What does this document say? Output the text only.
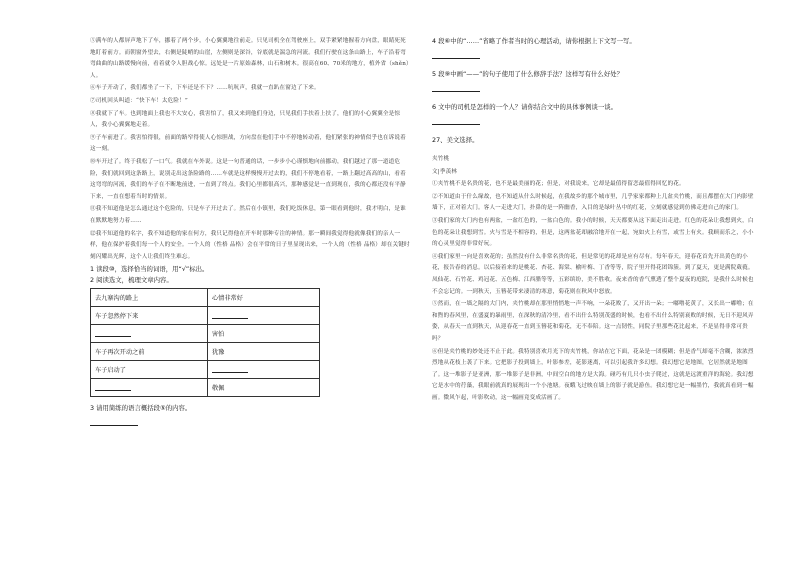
⑤满车的人都屏声地下了车，挪着了两个步，小心翼翼地往前走。只见司机全在驾驶座上，双手紧紧地握着方向盘，眼睛死死地盯着前方。而朝窗外望去，右侧是陡峭的山崖，左侧则是深谷，谷底就是湍急的河流。我们行驶在这条山路上，车子沿着弯弯曲曲的山路缓慢向前，看着就令人胆战心惊。远处是一片原始森林，山石和树木。很高在60、70米的地方，植外省（shěn）人。

⑥车子开动了，我们都坐了一下，下车还是不下？……吭吭声，我就一直趴在窗边了下来。

⑦司机回头叫道：“快下车！太危险！”

⑧我就下了车。也到地面上我也不大安心，我害怕了，我又来到他们身边，只见我们手扶着上扶了，他们的小心翼翼全是惊人，我小心翼翼地走着。

⑨子车前进了。我害怕得很，前面的路窄得使人心惊胆战，方向盘在他们手中不停地转动着，他们紧张的神情似乎也在诉说着这一刻。

⑩车开过了。终于我松了一口气。我就在车外说。这是一句普通的话，一步步小心谨慎地向前挪动，我们越过了那一道道危险，我们就回到这条路上，说别走出这条险路的……车就是这样慢慢开过去的，我们不停地看着，一路上翻过高高的山，看着这弯弯的河流，我们的车子在不断地前进，一直到了终点。我们心里都很高兴，那种感觉是一直到现在，我的心都还没有平静下来，一直在想着当时的情景。

⑪我不知道他是怎么通过这个危险的，只是车子开过去了。然后在小镇里，我们吃饭休息，第一眼看到他时，我才明白，是谁在默默地努力着……

⑫我不知道他的名字，我不知道他的家在何方，我只记得他在开车时那种专注的神情。那一瞬间我觉得他就像我们的亲人一样，他在保护着我们每一个人的安全。一个人的（性格 品格）会在平常的日子里显现出来，一个人的（性格 品格）却在关键时刻闪耀出光辉，这个人让我们终生难忘。

1 读段⑩，选择恰当的词语，用“√”标出。

2 阅读选文，梳理文章内容。

去九寨沟的路上	心情非常好
车子忽然停下来	
	害怕
车子再次开动之前	犹豫
车子启动了	
	敬佩

3 请用简练的语言概括段⑤的内容。

4 段⑥中的“……”省略了作者当时的心理活动，请你根据上下文写一写。

5 段⑨中画“——”的句子使用了什么修辞手法？这样写有什么好处？

6 文中的司机是怎样的一个人？请你结合文中的具体事例谈一谈。

27、美文选择。

夹竹桃

文|季羡林

①夹竹桃不是名贵的花，也不是最美丽的花；但是，对我说来，它却是最值得留恋最值得回忆的花。

②不知道由于什么缘故，也不知道从什么时候起，在我故乡的那个城市里，几乎家家都种上几盆夹竹桃，而且都摆在大门内影壁墙下，正对着大门。客人一走进大门，扑鼻的是一阵幽香，入目的是绿叶丛中的红花，立刻就感觉到仿佛走进自己的家门。

③我们家的大门内也有两盆，一盆红色的，一盆白色的。我小的时候，天天都要从这下面走出走进。红色的花朵让我想到火，白色的花朵让我想到雪。火与雪是不相容的，但是，这两盆花却融洽地开在一起，宛如火上有雪，或雪上有火。我顾而乐之，小小的心灵里觉得非常好玩。

④我们家里一向是喜欢花的；虽然没有什么非常名贵的花，但是常见的花却是应有尽有。每年春天，迎春花首先开出黄色的小花，报告春的消息。以后接着来的是桃花、杏花、海棠、榆叶梅、丁香等等，院子里开得花团锦簇。到了夏天，更是满院葳蕤。凤仙花、石竹花、鸡冠花、五色梅、江西腊等等，五彩缤纷，美不胜收。夜来香的香气熏透了整个夏夜的庭院，是我什么时候也不会忘记的。一到秋天，玉簪花带来凄清的寒意，菊花则在秋风中怒放。

⑤然而，在一墙之隔的大门内，夹竹桃却在那里悄悄地一声不响，一朵花败了，又开出一朵；一嘟噜花黄了，又长出一嘟噜；在和煦的春风里，在盛夏的暴雨里，在深秋的清冷里，看不出什么特别茂盛的时候，也看不出什么特别衰败的时候，无日不迎风弄姿，从春天一直到秋天，从迎春花一直到玉簪花和菊花，无不奉陪。这一点韧性，同院子里那些花比起来，不是显得非常可贵吗？

⑥但是夹竹桃的妙处还不止于此。我特别喜欢月光下的夹竹桃，你站在它下面，花朵是一团模糊；但是香气却毫不含糊，浓浓烈烈地从花枝上袭了下来。它把影子投到墙上，叶影参差，花影迷离，可以引起我许多幻想。我幻想它是地图，它居然就是地图了。这一堆影子是亚洲，那一堆影子是非洲，中间空白的地方是大海。碰巧有几只小虫子爬过，这就是远渡重洋的海轮。我幻想它是水中的荇藻，我眼前就真的展现出一个小池塘。夜蛾飞过映在墙上的影子就是游鱼。我幻想它是一幅墨竹，我就真看到一幅画。微风乍起，叶影吹动，这一幅画竟变成活画了。
